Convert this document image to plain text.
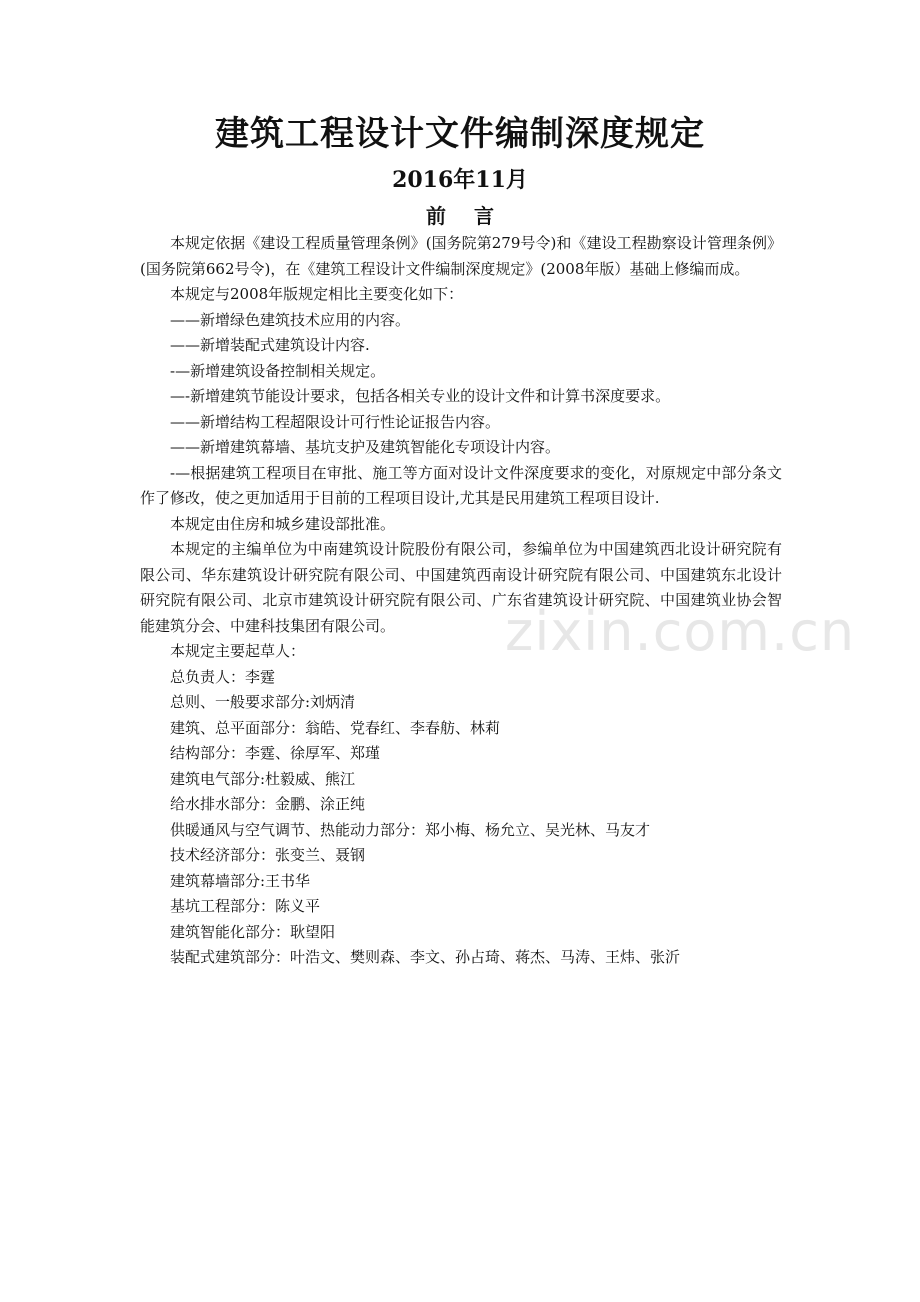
建筑工程设计文件编制深度规定
2016年11月
前言

本规定依据《建设工程质量管理条例》(国务院第279号令)和《建设工程勘察设计管理条例》(国务院第662号令)，在《建筑工程设计文件编制深度规定》(2008年版）基础上修编而成。

本规定与2008年版规定相比主要变化如下：

——新增绿色建筑技术应用的内容。

——新增装配式建筑设计内容.

-—新增建筑设备控制相关规定。

—-新增建筑节能设计要求，包括各相关专业的设计文件和计算书深度要求。

——新增结构工程超限设计可行性论证报告内容。

——新增建筑幕墙、基坑支护及建筑智能化专项设计内容。

-—根据建筑工程项目在审批、施工等方面对设计文件深度要求的变化，对原规定中部分条文作了修改，使之更加适用于目前的工程项目设计,尤其是民用建筑工程项目设计.

本规定由住房和城乡建设部批准。

本规定的主编单位为中南建筑设计院股份有限公司，参编单位为中国建筑西北设计研究院有限公司、华东建筑设计研究院有限公司、中国建筑西南设计研究院有限公司、中国建筑东北设计研究院有限公司、北京市建筑设计研究院有限公司、广东省建筑设计研究院、中国建筑业协会智能建筑分会、中建科技集团有限公司。

本规定主要起草人：

总负责人：李霆

总则、一般要求部分:刘炳清

建筑、总平面部分：翁皓、党春红、李春舫、林莉

结构部分：李霆、徐厚军、郑瑾

建筑电气部分:杜毅威、熊江

给水排水部分：金鹏、涂正纯

供暖通风与空气调节、热能动力部分：郑小梅、杨允立、吴光林、马友才

技术经济部分：张变兰、聂钢

建筑幕墙部分:王书华

基坑工程部分：陈义平

建筑智能化部分：耿望阳

装配式建筑部分：叶浩文、樊则森、李文、孙占琦、蒋杰、马涛、王炜、张沂

zixin.com.cn
